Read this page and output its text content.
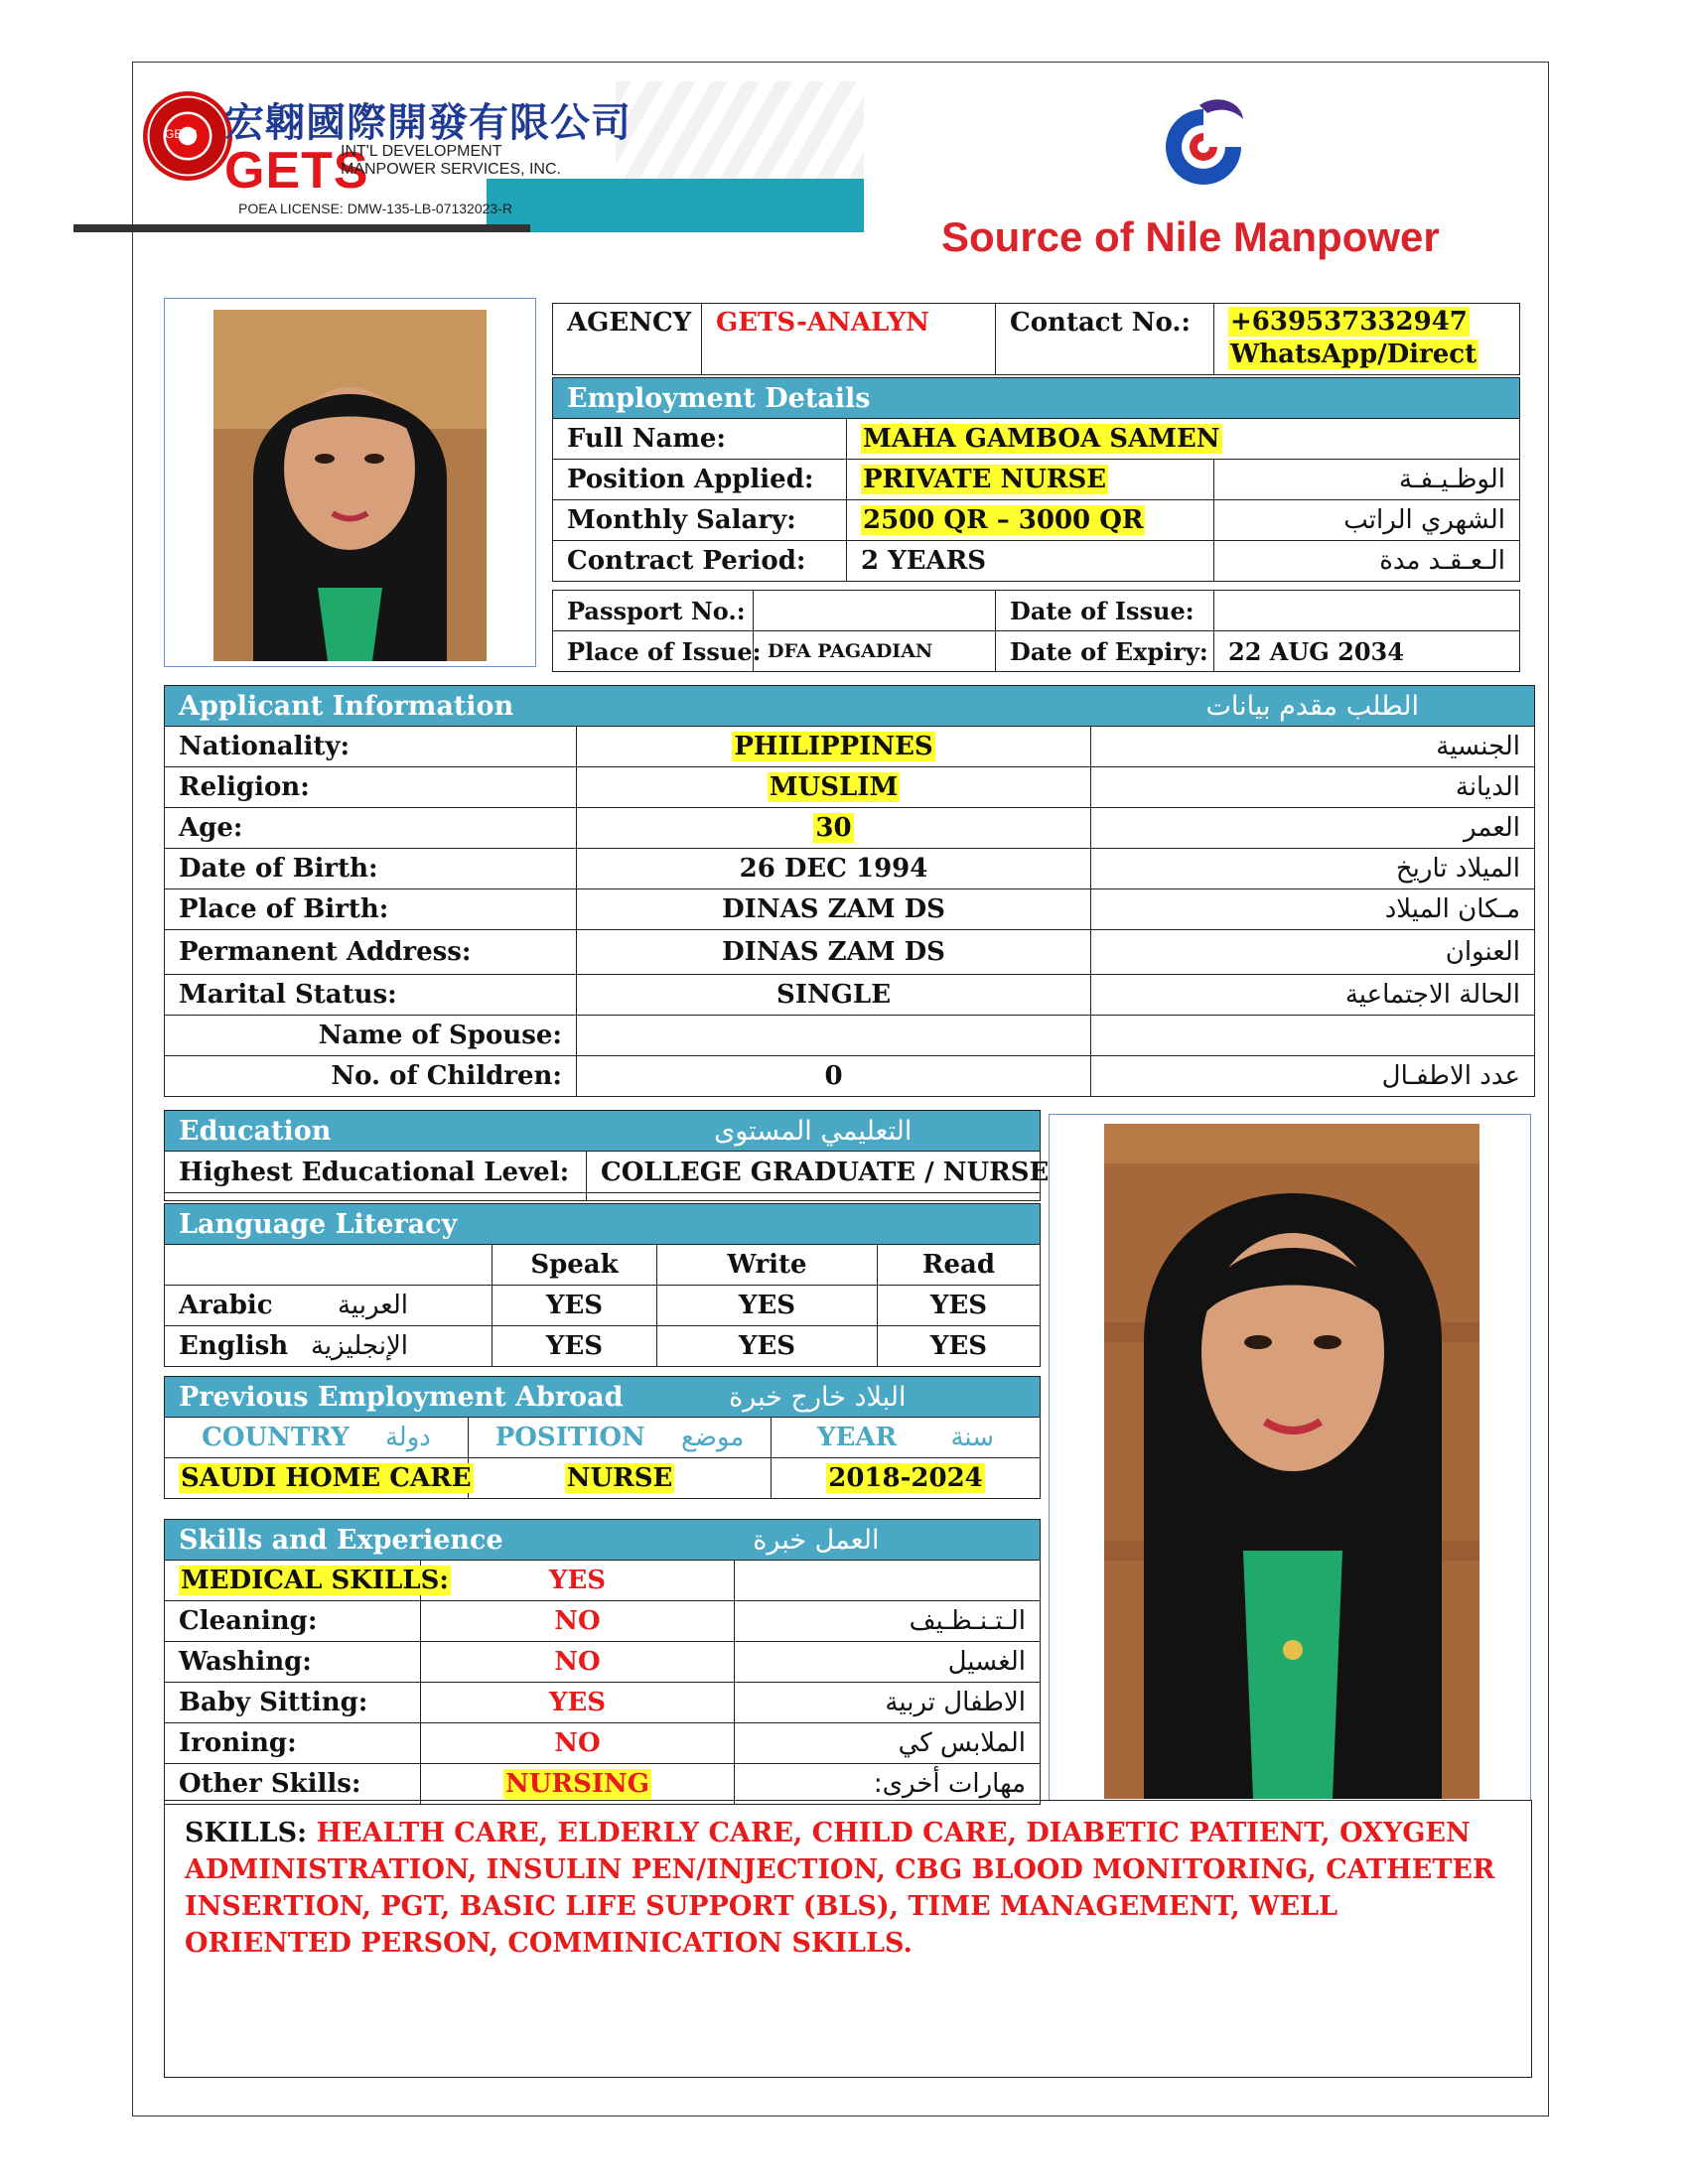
GETS 宏翺國際開發有限公司
GETS
INT'L DEVELOPMENT
MANPOWER SERVICES, INC.
POEA LICENSE: DMW-135-LB-07132023-R
Source of Nile Manpower
AGENCY	GETS-ANALYN	Contact No.:	+639537332947
WhatsApp/Direct
Employment Details		
Full Name:	MAHA GAMBOA SAMEN	
Position Applied:	PRIVATE NURSE	الوظـيـفـة
Monthly Salary:	2500 QR – 3000 QR	الشهري الراتب
Contract Period:	2 YEARS	الـعـقـد مدة
Passport No.:		Date of Issue:	
Place of Issue:	DFA PAGADIAN	Date of Expiry:	22 AUG 2034
Applicant Information		الطلب مقدم بيانات
Nationality:	PHILIPPINES	الجنسية
Religion:	MUSLIM	الديانة
Age:	30	العمر
Date of Birth:	26 DEC 1994	الميلاد تاريخ
Place of Birth:	DINAS ZAM DS	مـكان الميلاد
Permanent Address:	DINAS ZAM DS	العنوان
Marital Status:	SINGLE	الحالة الاجتماعية
Name of Spouse:		
No. of Children:	0	عدد الاطفـال
Education	التعليمي المستوى
Highest Educational Level:	COLLEGE GRADUATE / NURSE

Language Literacy			
	Speak	Write	Read
Arabic العربية	YES	YES	YES
English الإنجليزية	YES	YES	YES
Previous Employment Abroad البلاد خارج خبرة		

COUNTRY دولة	POSITION موضع	YEAR سنة
SAUDI HOME CARE	NURSE	2018-2024
Skills and Experience العمل خبرة		

MEDICAL SKILLS:	YES	
Cleaning:	NO	الـتـنـظـيف
Washing:	NO	الغسيل
Baby Sitting:	YES	الاطفال تربية
Ironing:	NO	الملابس كي
Other Skills:	NURSING	مهارات أخرى:
SKILLS: HEALTH CARE, ELDERLY CARE, CHILD CARE, DIABETIC PATIENT, OXYGEN ADMINISTRATION, INSULIN PEN/INJECTION, CBG BLOOD MONITORING, CATHETER INSERTION, PGT, BASIC LIFE SUPPORT (BLS), TIME MANAGEMENT, WELL ORIENTED PERSON, COMMINICATION SKILLS.
